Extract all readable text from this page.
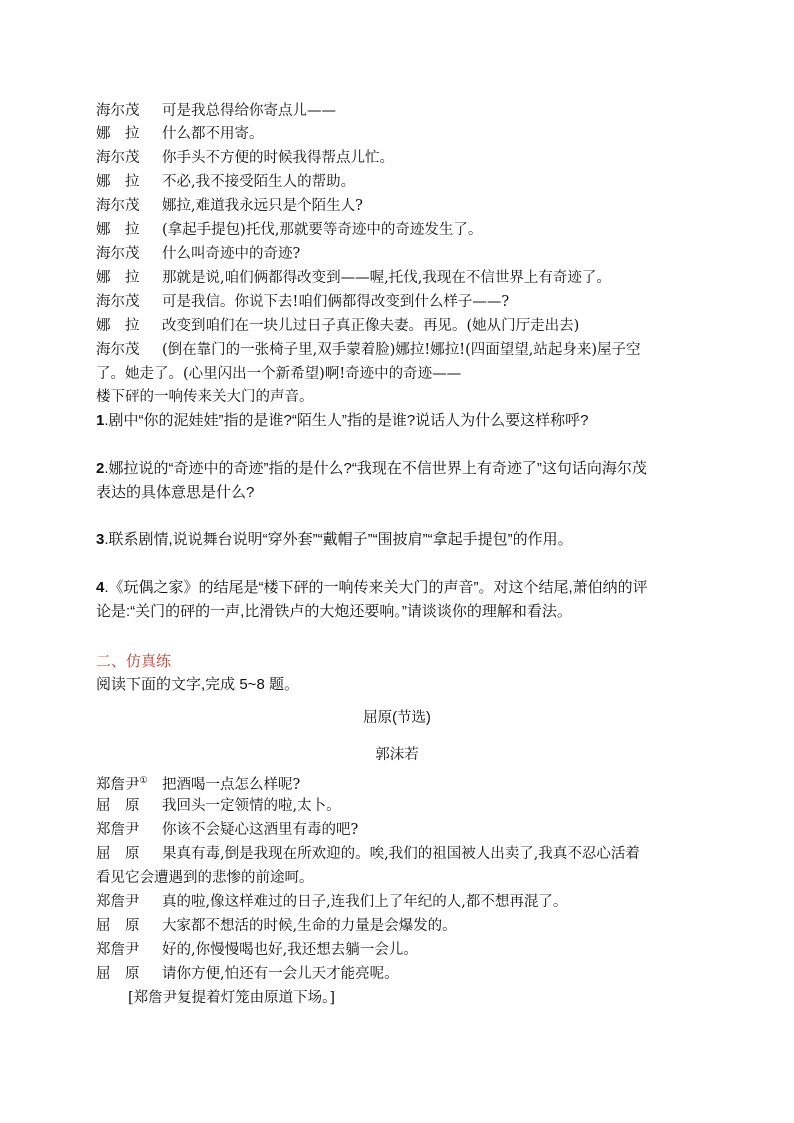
海尔茂 可是我总得给你寄点儿——
娜　拉 什么都不用寄。
海尔茂 你手头不方便的时候我得帮点儿忙。
娜　拉 不必,我不接受陌生人的帮助。
海尔茂 娜拉,难道我永远只是个陌生人?
娜　拉 (拿起手提包)托伐,那就要等奇迹中的奇迹发生了。
海尔茂 什么叫奇迹中的奇迹?
娜　拉 那就是说,咱们俩都得改变到——喔,托伐,我现在不信世界上有奇迹了。
海尔茂 可是我信。你说下去!咱们俩都得改变到什么样子——?
娜　拉 改变到咱们在一块儿过日子真正像夫妻。再见。(她从门厅走出去)
海尔茂 (倒在靠门的一张椅子里,双手蒙着脸)娜拉!娜拉!(四面望望,站起身来)屋子空
了。她走了。(心里闪出一个新希望)啊!奇迹中的奇迹——
楼下砰的一响传来关大门的声音。
1.剧中“你的泥娃娃”指的是谁?“陌生人”指的是谁?说话人为什么要这样称呼?
2.娜拉说的“奇迹中的奇迹”指的是什么?“我现在不信世界上有奇迹了”这句话向海尔茂
表达的具体意思是什么?
3.联系剧情,说说舞台说明“穿外套”“戴帽子”“围披肩”“拿起手提包”的作用。
4.《玩偶之家》的结尾是“楼下砰的一响传来关大门的声音”。对这个结尾,萧伯纳的评
论是:“关门的砰的一声,比滑铁卢的大炮还要响。”请谈谈你的理解和看法。
二、仿真练
阅读下面的文字,完成 5~8 题。
屈原(节选)
郭沫若
郑詹尹① 把酒喝一点怎么样呢?
屈　原 我回头一定领情的啦,太卜。
郑詹尹 你该不会疑心这酒里有毒的吧?
屈　原 果真有毒,倒是我现在所欢迎的。唉,我们的祖国被人出卖了,我真不忍心活着
看见它会遭遇到的悲惨的前途呵。
郑詹尹 真的啦,像这样难过的日子,连我们上了年纪的人,都不想再混了。
屈　原 大家都不想活的时候,生命的力量是会爆发的。
郑詹尹 好的,你慢慢喝也好,我还想去躺一会儿。
屈　原 请你方便,怕还有一会儿天才能亮呢。
[郑詹尹复提着灯笼由原道下场。]
